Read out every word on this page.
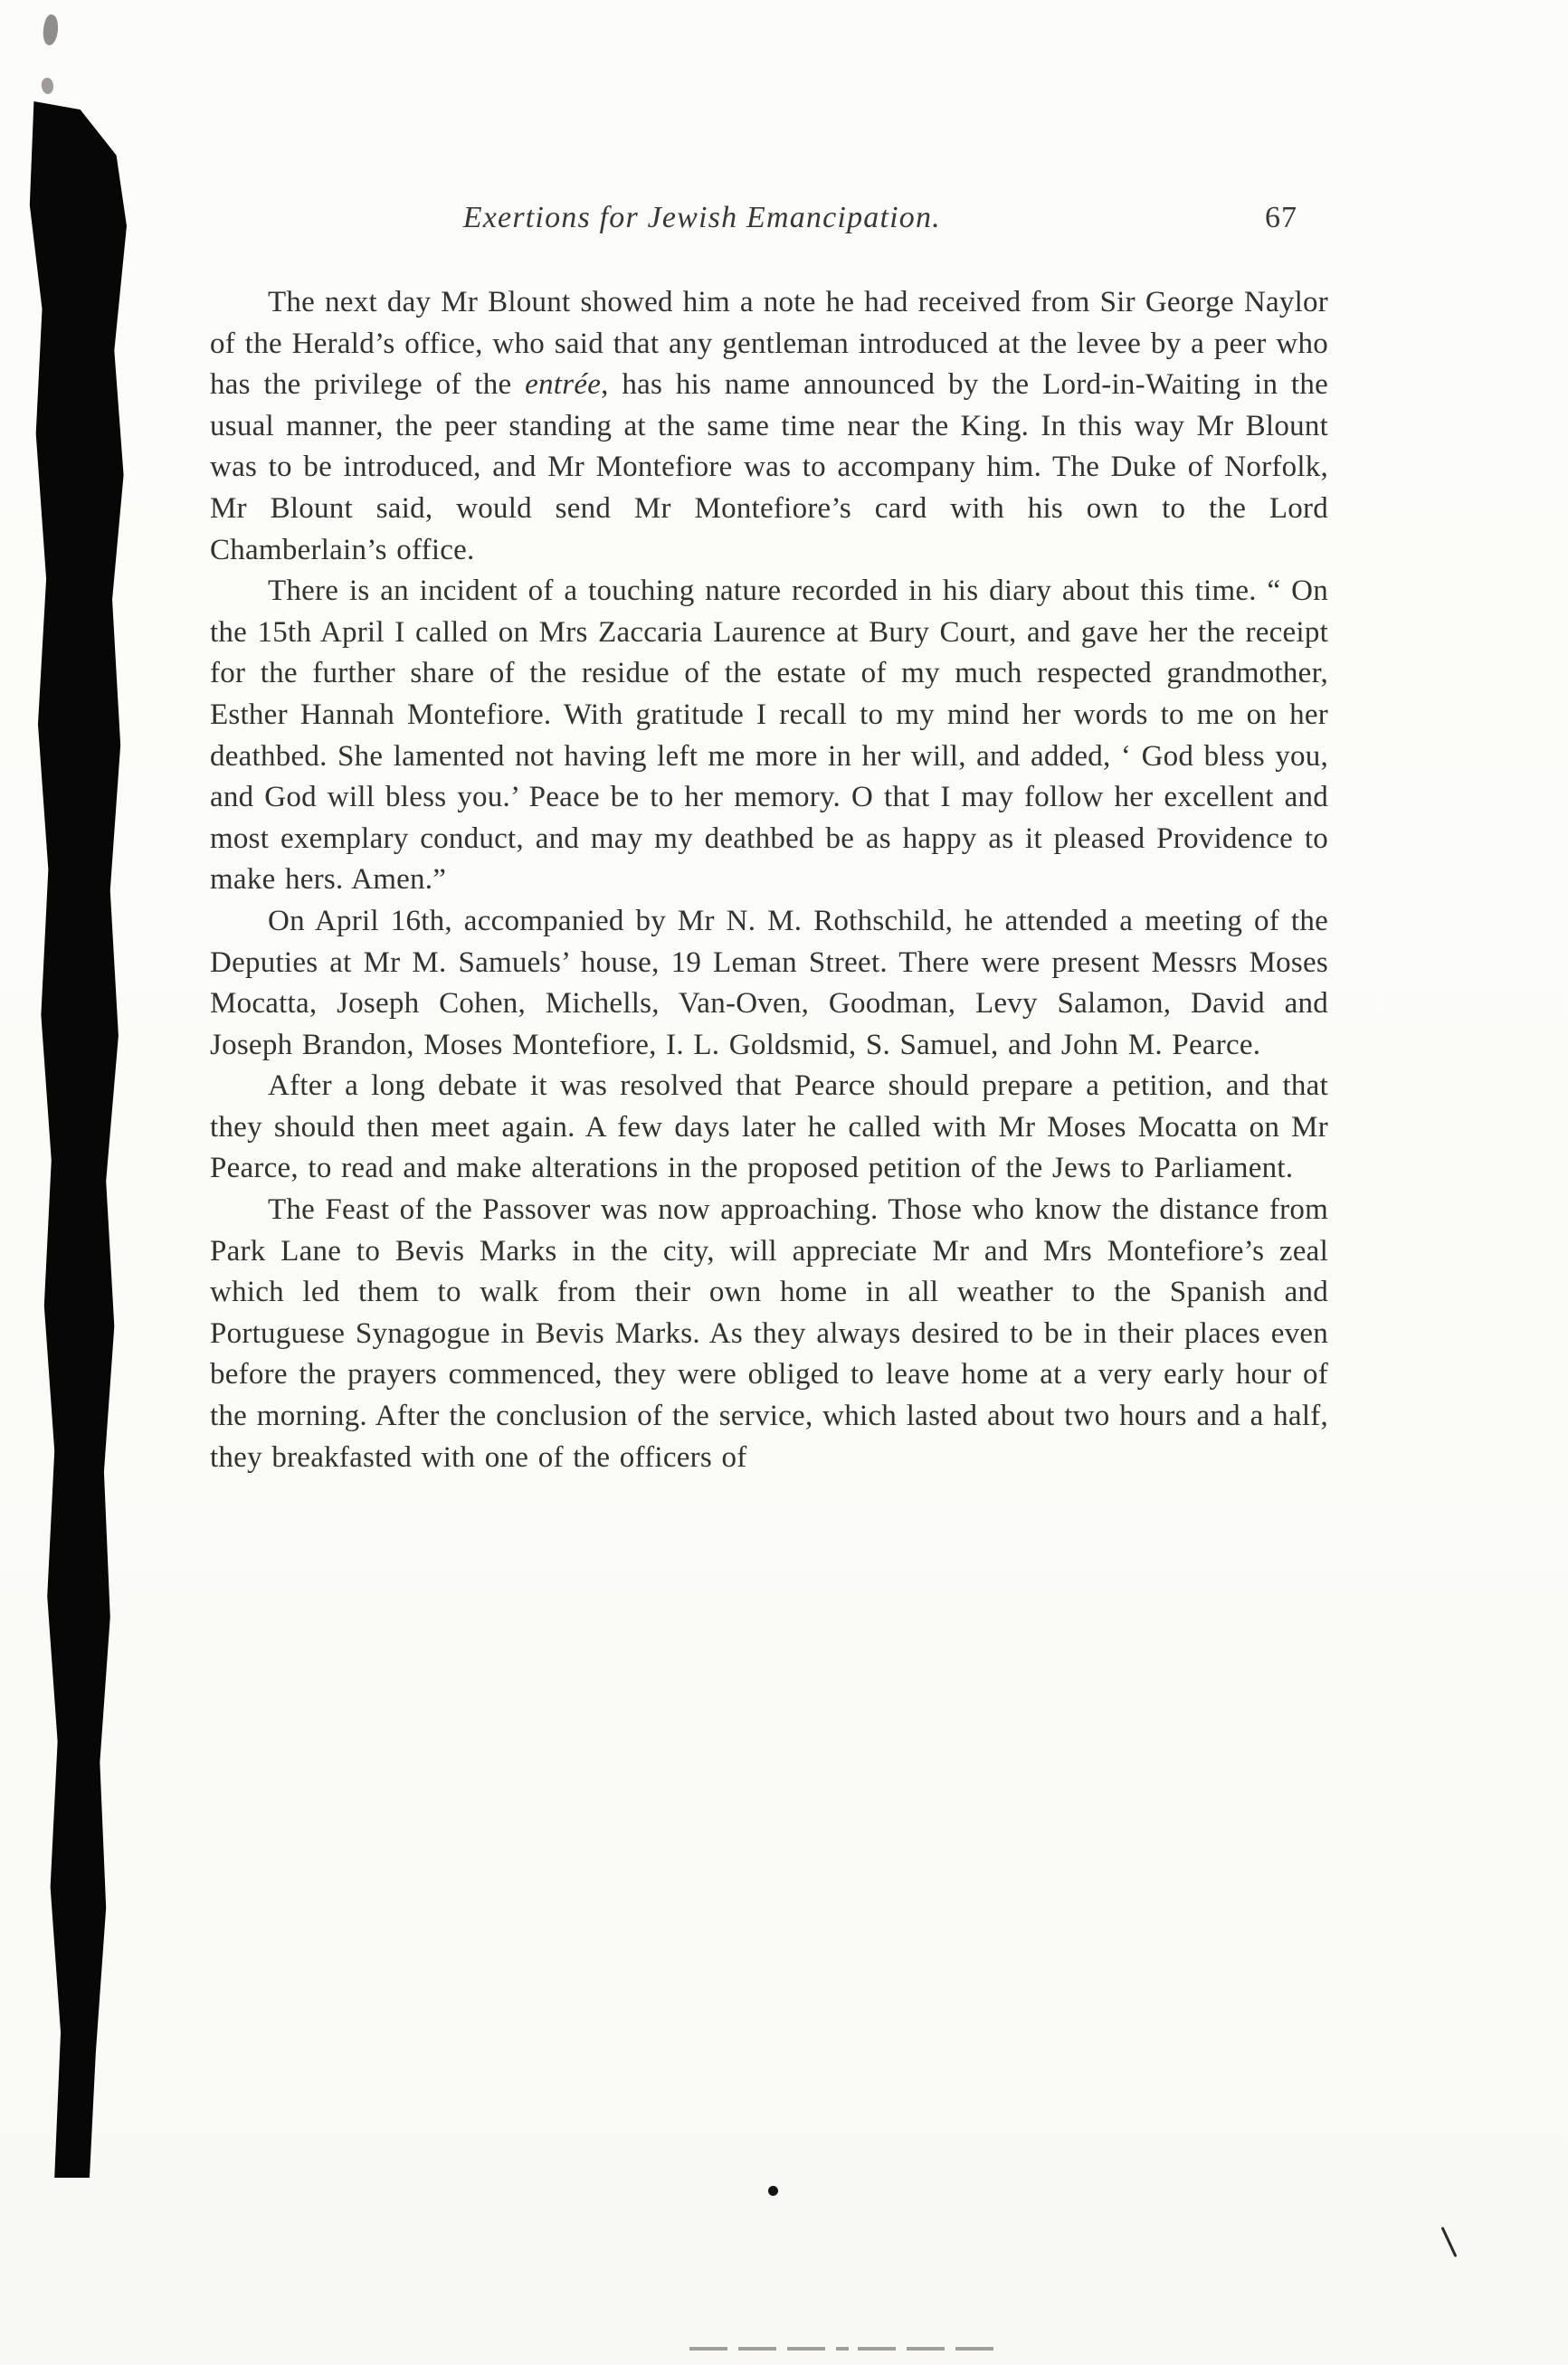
Exertions for Jewish Emancipation.	67

The next day Mr Blount showed him a note he had received from Sir George Naylor of the Herald’s office, who said that any gentleman introduced at the levee by a peer who has the privilege of the entrée, has his name announced by the Lord-in-Waiting in the usual manner, the peer standing at the same time near the King. In this way Mr Blount was to be introduced, and Mr Montefiore was to accompany him. The Duke of Norfolk, Mr Blount said, would send Mr Montefiore’s card with his own to the Lord Chamberlain’s office.

There is an incident of a touching nature recorded in his diary about this time. “ On the 15th April I called on Mrs Zaccaria Laurence at Bury Court, and gave her the receipt for the further share of the residue of the estate of my much respected grandmother, Esther Hannah Montefiore. With gratitude I recall to my mind her words to me on her deathbed. She lamented not having left me more in her will, and added, ‘ God bless you, and God will bless you.’ Peace be to her memory. O that I may follow her excellent and most exemplary conduct, and may my deathbed be as happy as it pleased Providence to make hers. Amen.”

On April 16th, accompanied by Mr N. M. Rothschild, he attended a meeting of the Deputies at Mr M. Samuels’ house, 19 Leman Street. There were present Messrs Moses Mocatta, Joseph Cohen, Michells, Van-Oven, Goodman, Levy Salamon, David and Joseph Brandon, Moses Montefiore, I. L. Goldsmid, S. Samuel, and John M. Pearce.

After a long debate it was resolved that Pearce should prepare a petition, and that they should then meet again. A few days later he called with Mr Moses Mocatta on Mr Pearce, to read and make alterations in the proposed petition of the Jews to Parliament.

The Feast of the Passover was now approaching. Those who know the distance from Park Lane to Bevis Marks in the city, will appreciate Mr and Mrs Montefiore’s zeal which led them to walk from their own home in all weather to the Spanish and Portuguese Synagogue in Bevis Marks. As they always desired to be in their places even before the prayers commenced, they were obliged to leave home at a very early hour of the morning. After the conclusion of the service, which lasted about two hours and a half, they breakfasted with one of the officers of
